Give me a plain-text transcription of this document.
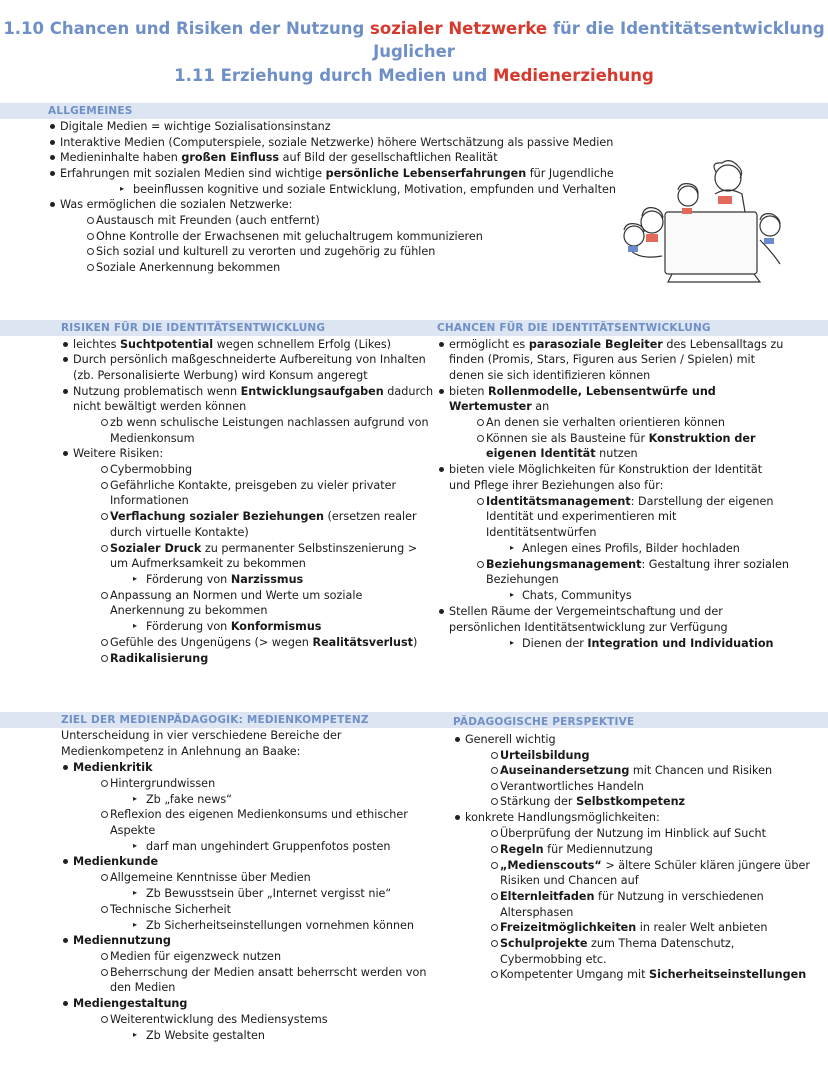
1.10 Chancen und Risiken der Nutzung sozialer Netzwerke für die Identitätsentwicklung
Juglicher
1.11 Erziehung durch Medien und Medienerziehung
ALLGEMEINES
Digitale Medien = wichtige Sozialisationsinstanz
Interaktive Medien (Computerspiele, soziale Netzwerke) höhere Wertschätzung als passive Medien
Medieninhalte haben großen Einfluss auf Bild der gesellschaftlichen Realität
Erfahrungen mit sozialen Medien sind wichtige persönliche Lebenserfahrungen für Jugendliche
▸ beeinflussen kognitive und soziale Entwicklung, Motivation, empfunden und Verhalten
Was ermöglichen die sozialen Netzwerke:
Austausch mit Freunden (auch entfernt)
Ohne Kontrolle der Erwachsenen mit geluchaltrugem kommunizieren
Sich sozial und kulturell zu verorten und zugehörig zu fühlen
Soziale Anerkennung bekommen
RISIKEN FÜR DIE IDENTITÄTSENTWICKLUNG
leichtes Suchtpotential wegen schnellem Erfolg (Likes)
Durch persönlich maßgeschneiderte Aufbereitung von Inhalten
(zb. Personalisierte Werbung) wird Konsum angeregt
Nutzung problematisch wenn Entwicklungsaufgaben dadurch
nicht bewältigt werden können
zb wenn schulische Leistungen nachlassen aufgrund von
Medienkonsum
Weitere Risiken:
Cybermobbing
Gefährliche Kontakte, preisgeben zu vieler privater
Informationen
Verflachung sozialer Beziehungen (ersetzen realer
durch virtuelle Kontakte)
Sozialer Druck zu permanenter Selbstinszenierung >
um Aufmerksamkeit zu bekommen
▸ Förderung von Narzissmus
Anpassung an Normen und Werte um soziale
Anerkennung zu bekommen
▸ Förderung von Konformismus
Gefühle des Ungenügens (> wegen Realitätsverlust)
Radikalisierung
CHANCEN FÜR DIE IDENTITÄTSENTWICKLUNG
ermöglicht es parasoziale Begleiter des Lebensalltags zu
finden (Promis, Stars, Figuren aus Serien / Spielen) mit
denen sie sich identifizieren können
bieten Rollenmodelle, Lebensentwürfe und
Wertemuster an
An denen sie verhalten orientieren können
Können sie als Bausteine für Konstruktion der
eigenen Identität nutzen
bieten viele Möglichkeiten für Konstruktion der Identität
und Pflege ihrer Beziehungen also für:
Identitätsmanagement: Darstellung der eigenen
Identität und experimentieren mit
Identitätsentwürfen
▸ Anlegen eines Profils, Bilder hochladen
Beziehungsmanagement: Gestaltung ihrer sozialen
Beziehungen
▸ Chats, Communitys
Stellen Räume der Vergemeintschaftung und der
persönlichen Identitätsentwicklung zur Verfügung
▸ Dienen der Integration und Individuation
ZIEL DER MEDIENPÄDAGOGIK: MEDIENKOMPETENZ
Unterscheidung in vier verschiedene Bereiche der
Medienkompetenz in Anlehnung an Baake:
Medienkritik
Hintergrundwissen
▸ Zb „fake news“
Reflexion des eigenen Medienkonsums und ethischer
Aspekte
▸ darf man ungehindert Gruppenfotos posten
Medienkunde
Allgemeine Kenntnisse über Medien
▸ Zb Bewusstsein über „Internet vergisst nie“
Technische Sicherheit
▸ Zb Sicherheitseinstellungen vornehmen können
Mediennutzung
Medien für eigenzweck nutzen
Beherrschung der Medien ansatt beherrscht werden von
den Medien
Mediengestaltung
Weiterentwicklung des Mediensystems
▸ Zb Website gestalten
PÄDAGOGISCHE PERSPEKTIVE
Generell wichtig
Urteilsbildung
Auseinandersetzung mit Chancen und Risiken
Verantwortliches Handeln
Stärkung der Selbstkompetenz
konkrete Handlungsmöglichkeiten:
Überprüfung der Nutzung im Hinblick auf Sucht
Regeln für Mediennutzung
„Medienscouts“ > ältere Schüler klären jüngere über
Risiken und Chancen auf
Elternleitfaden für Nutzung in verschiedenen
Altersphasen
Freizeitmöglichkeiten in realer Welt anbieten
Schulprojekte zum Thema Datenschutz,
Cybermobbing etc.
Kompetenter Umgang mit Sicherheitseinstellungen
